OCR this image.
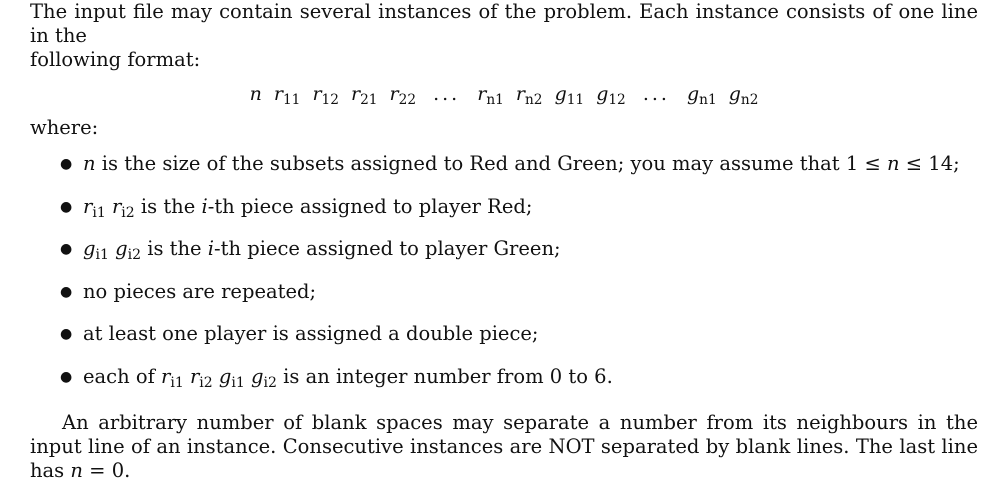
The input file may contain several instances of the problem. Each instance consists of one line in the
following format:

n $r_{11}$ $r_{12}$ $r_{21}$ $r_{22}$ ... $r_{n1}$ $r_{n2}$ $g_{11}$ $g_{12}$ ... $g_{n1}$ $g_{n2}$

where:

● n is the size of the subsets assigned to Red and Green; you may assume that 1 ≤ n ≤ 14;
● $r_{i1}$ $r_{i2}$ is the i-th piece assigned to player Red;
● $g_{i1}$ $g_{i2}$ is the i-th piece assigned to player Green;
● no pieces are repeated;
● at least one player is assigned a double piece;
● each of $r_{i1}$ $r_{i2}$ $g_{i1}$ $g_{i2}$ is an integer number from 0 to 6.

An arbitrary number of blank spaces may separate a number from its neighbours in the input line of an instance. Consecutive instances are NOT separated by blank lines. The last line has n = 0.
